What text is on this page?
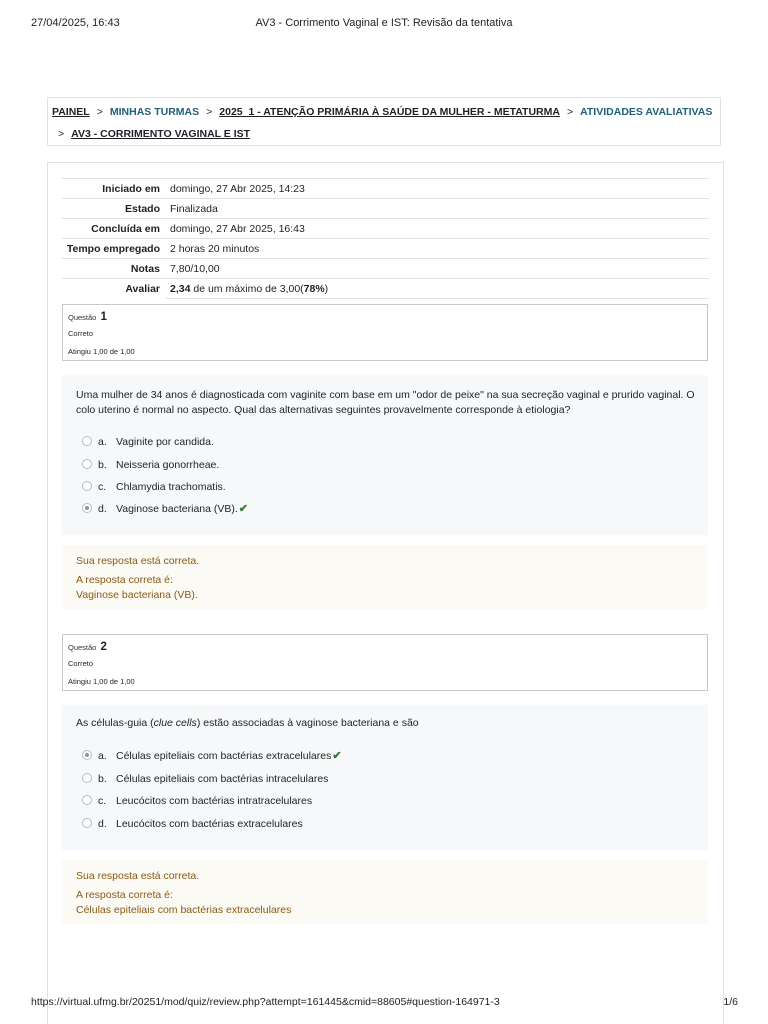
27/04/2025, 16:43	AV3 - Corrimento Vaginal e IST: Revisão da tentativa
PAINEL > MINHAS TURMAS > 2025_1 - ATENÇÃO PRIMÁRIA À SAÚDE DA MULHER - METATURMA > ATIVIDADES AVALIATIVAS
> AV3 - CORRIMENTO VAGINAL E IST
Iniciado em	domingo, 27 Abr 2025, 14:23
Estado	Finalizada
Concluída em	domingo, 27 Abr 2025, 16:43
Tempo empregado	2 horas 20 minutos
Notas	7,80/10,00
Avaliar	2,34 de um máximo de 3,00(78%)
Questão 1
Correto
Atingiu 1,00 de 1,00
Uma mulher de 34 anos é diagnosticada com vaginite com base em um "odor de peixe" na sua secreção vaginal e prurido vaginal. O colo uterino é normal no aspecto. Qual das alternativas seguintes provavelmente corresponde à etiologia?
a. Vaginite por candida.
b. Neisseria gonorrheae.
c. Chlamydia trachomatis.
d. Vaginose bacteriana (VB).✔
Sua resposta está correta.
A resposta correta é:
Vaginose bacteriana (VB).
Questão 2
Correto
Atingiu 1,00 de 1,00
As células-guia (clue cells) estão associadas à vaginose bacteriana e são
a. Células epiteliais com bactérias extracelulares✔
b. Células epiteliais com bactérias intracelulares
c. Leucócitos com bactérias intratracelulares
d. Leucócitos com bactérias extracelulares
Sua resposta está correta.
A resposta correta é:
Células epiteliais com bactérias extracelulares
https://virtual.ufmg.br/20251/mod/quiz/review.php?attempt=161445&cmid=88605#question-164971-3	1/6
